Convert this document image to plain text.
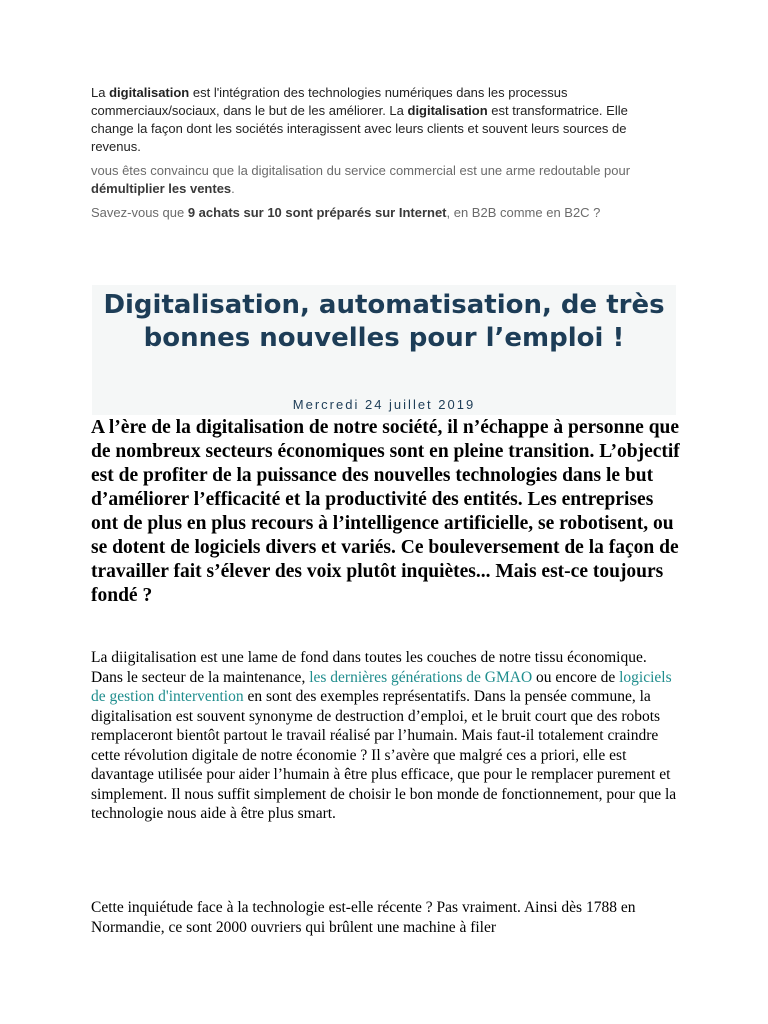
La digitalisation est l'intégration des technologies numériques dans les processus commerciaux/sociaux, dans le but de les améliorer. La digitalisation est transformatrice. Elle change la façon dont les sociétés interagissent avec leurs clients et souvent leurs sources de revenus.

vous êtes convaincu que la digitalisation du service commercial est une arme redoutable pour démultiplier les ventes.

Savez-vous que 9 achats sur 10 sont préparés sur Internet, en B2B comme en B2C ?

Digitalisation, automatisation, de très
bonnes nouvelles pour l’emploi !
Mercredi 24 juillet 2019

A l’ère de la digitalisation de notre société, il n’échappe à personne que de nombreux secteurs économiques sont en pleine transition. L’objectif est de profiter de la puissance des nouvelles technologies dans le but d’améliorer l’efficacité et la productivité des entités. Les entreprises ont de plus en plus recours à l’intelligence artificielle, se robotisent, ou se dotent de logiciels divers et variés. Ce bouleversement de la façon de travailler fait s’élever des voix plutôt inquiètes... Mais est-ce toujours fondé ?

La diigitalisation est une lame de fond dans toutes les couches de notre tissu économique. Dans le secteur de la maintenance, les dernières générations de GMAO ou encore de logiciels de gestion d'intervention en sont des exemples représentatifs. Dans la pensée commune, la digitalisation est souvent synonyme de destruction d’emploi, et le bruit court que des robots remplaceront bientôt partout le travail réalisé par l’humain. Mais faut-il totalement craindre cette révolution digitale de notre économie ? Il s’avère que malgré ces a priori, elle est davantage utilisée pour aider l’humain à être plus efficace, que pour le remplacer purement et simplement. Il nous suffit simplement de choisir le bon monde de fonctionnement, pour que la technologie nous aide à être plus smart.

Cette inquiétude face à la technologie est-elle récente ? Pas vraiment. Ainsi dès 1788 en Normandie, ce sont 2000 ouvriers qui brûlent une machine à filer
